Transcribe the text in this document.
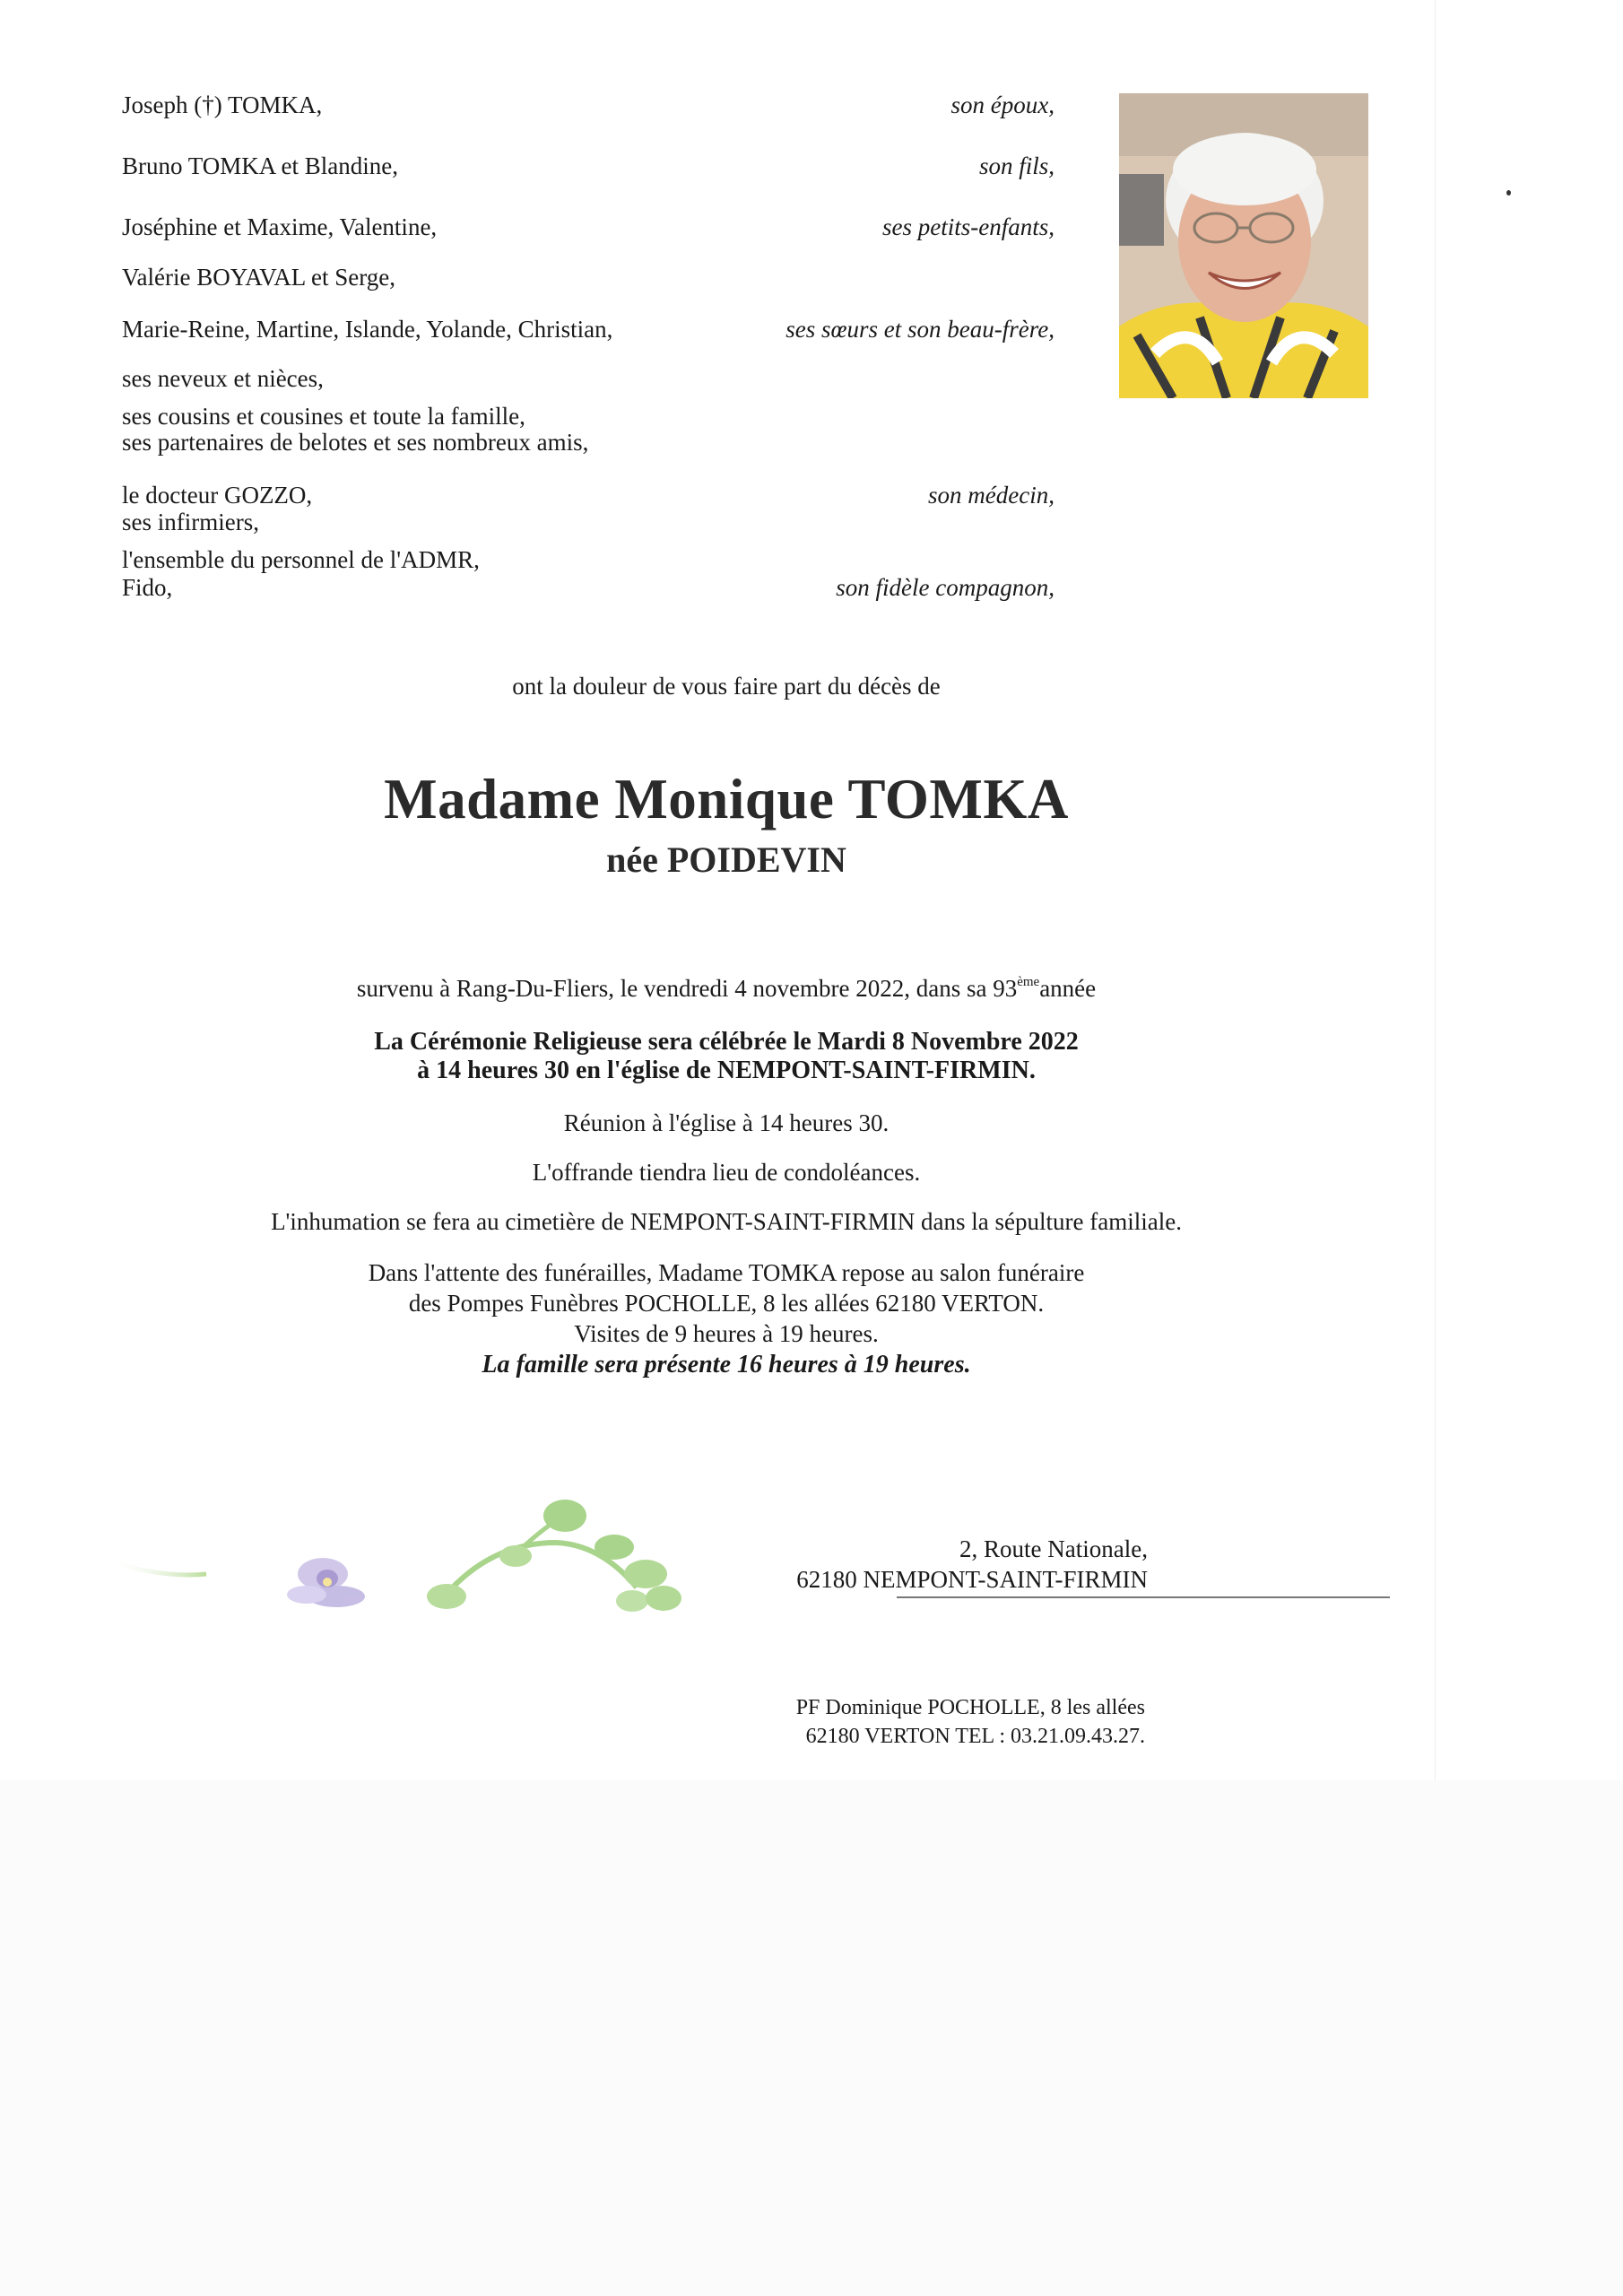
Joseph (†) TOMKA,	son époux,
Bruno TOMKA et Blandine,	son fils,
Joséphine et Maxime, Valentine,	ses petits-enfants,
Valérie BOYAVAL et Serge,
Marie-Reine, Martine, Islande, Yolande, Christian,	ses sœurs et son beau-frère,
ses neveux et nièces,
ses cousins et cousines et toute la famille,
ses partenaires de belotes et ses nombreux amis,
le docteur GOZZO,	son médecin,
ses infirmiers,
l'ensemble du personnel de l'ADMR,
Fido,	son fidèle compagnon,
ont la douleur de vous faire part du décès de
Madame Monique TOMKA
née POIDEVIN
survenu à Rang-Du-Fliers, le vendredi 4 novembre 2022, dans sa 93èmeannée
La Cérémonie Religieuse sera célébrée le Mardi 8 Novembre 2022
à 14 heures 30 en l'église de NEMPONT-SAINT-FIRMIN.
Réunion à l'église à 14 heures 30.
L'offrande tiendra lieu de condoléances.
L'inhumation se fera au cimetière de NEMPONT-SAINT-FIRMIN dans la sépulture familiale.
Dans l'attente des funérailles, Madame TOMKA repose au salon funéraire
des Pompes Funèbres POCHOLLE, 8 les allées 62180 VERTON.
Visites de 9 heures à 19 heures.
La famille sera présente 16 heures à 19 heures.
2, Route Nationale,
62180 NEMPONT-SAINT-FIRMIN
PF Dominique POCHOLLE, 8 les allées
62180 VERTON TEL : 03.21.09.43.27.
